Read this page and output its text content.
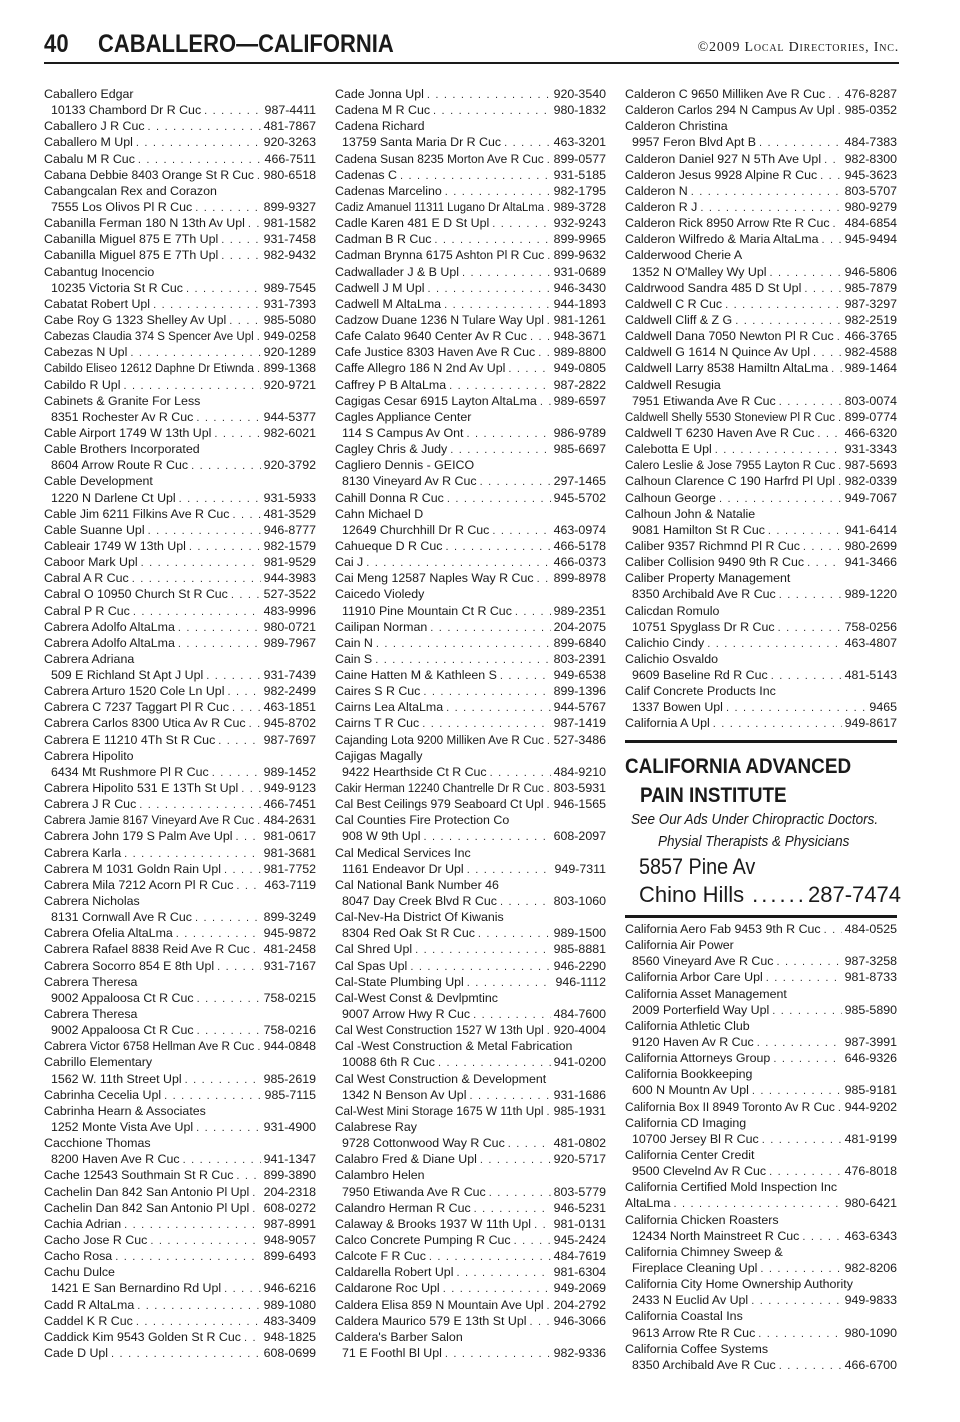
40 CABALLERO—CALIFORNIA	©2009 Local Directories, Inc.
Caballero Edgar
10133 Chambord Dr R Cuc . . .	987-4411
Caballero J R Cuc . . .	481-7867
Caballero M Upl . . .	920-3263
Cabalu M R Cuc . . .	466-7511
Cabana Debbie 8403 Orange St R Cuc . . . 980-6518
Cabangcalan Rex and Corazon
7555 Los Olivos Pl R Cuc . . .	899-9327
Cabanilla Ferman 180 N 13th Av Upl . . . 981-1582
Cabanilla Miguel 875 E 7Th Upl . . .	931-7458
Cabanilla Miguel 875 E 7Th Upl . . .	982-9432
Cabantug Inocencio
10235 Victoria St R Cuc . . .	989-7545
Cabatat Robert Upl . . .	931-7393
Cabe Roy G 1323 Shelley Av Upl . . .	985-5080
Cabezas Claudia 374 S Spencer Ave Upl . . . 949-0258
Cabezas N Upl . . .	920-1289
Cabildo Eliseo 12612 Daphne Dr Etiwnda . . . 899-1368
Cabildo R Upl . . .	920-9721
Cabinets & Granite For Less
8351 Rochester Av R Cuc . . .	944-5377
Cable Airport 1749 W 13th Upl . . .	982-6021
Cable Brothers Incorporated
8604 Arrow Route R Cuc . . .	920-3792
Cable Development
1220 N Darlene Ct Upl . . .	931-5933
Cable Jim 6211 Filkins Ave R Cuc . . .	481-3529
Cable Suanne Upl . . .	946-8777
Cableair 1749 W 13th Upl . . .	982-1579
Caboor Mark Upl . . .	981-9529
Cabral A R Cuc . . .	944-3983
Cabral O 10950 Church St R Cuc . . .	527-3522
Cabral P R Cuc . . .	483-9996
Cabrera Adolfo AltaLma . . .	980-0721
Cabrera Adolfo AltaLma . . .	989-7967
Cabrera Adriana
509 E Richland St Apt J Upl . . .	931-7439
Cabrera Arturo 1520 Cole Ln Upl . . .	982-2499
Cabrera C 7237 Taggart Pl R Cuc . . .	463-1851
Cabrera Carlos 8300 Utica Av R Cuc . . . 945-8702
Cabrera E 11210 4Th St R Cuc . . .	987-7697
Cabrera Hipolito
6434 Mt Rushmore Pl R Cuc . . .	989-1452
Cabrera Hipolito 531 E 13Th St Upl . . . 949-9123
Cabrera J R Cuc . . .	466-7451
Cabrera Jamie 8167 Vineyard Ave R Cuc . . . 484-2631
Cabrera John 179 S Palm Ave Upl . . .	981-0617
Cabrera Karla . . .	981-3681
Cabrera M 1031 Goldn Rain Upl . . .	981-7752
Cabrera Mila 7212 Acorn Pl R Cuc . . .	463-7119
Cabrera Nicholas
8131 Cornwall Ave R Cuc . . .	899-3249
Cabrera Ofelia AltaLma . . .	945-9872
Cabrera Rafael 8838 Reid Ave R Cuc . . . 481-2458
Cabrera Socorro 854 E 8th Upl . . .	931-7167
Cabrera Theresa
9002 Appaloosa Ct R Cuc . . .	758-0215
Cabrera Theresa
9002 Appaloosa Ct R Cuc . . .	758-0216
Cabrera Victor 6758 Hellman Ave R Cuc . . . 944-0848
Cabrillo Elementary
1562 W. 11th Street Upl . . .	985-2619
Cabrinha Cecelia Upl . . .	985-7115
Cabrinha Hearn & Associates
1252 Monte Vista Ave Upl . . .	931-4900
Cacchione Thomas
8200 Haven Ave R Cuc . . .	941-1347
Cache 12543 Southmain St R Cuc . . . 899-3890
Cachelin Dan 842 San Antonio Pl Upl . . . 204-2318
Cachelin Dan 842 San Antonio Pl Upl . . . 608-0272
Cachia Adrian . . .	987-8991
Cacho Jose R Cuc . . .	948-9057
Cacho Rosa . . .	899-6493
Cachu Dulce
1421 E San Bernardino Rd Upl . . .	946-6216
Cadd R AltaLma . . .	989-1080
Caddel K R Cuc . . .	483-3409
Caddick Kim 9543 Golden St R Cuc . . . 948-1825
Cade D Upl . . .	608-0699
Cade Jonna Upl . . .	920-3540
Cadena M R Cuc . . .	980-1832
Cadena Richard
13759 Santa Maria Dr R Cuc . . .	463-3201
Cadena Susan 8235 Morton Ave R Cuc . . . 899-0577
Cadenas C . . .	931-5185
Cadenas Marcelino . . .	982-1795
Cadiz Amanuel 11311 Lugano Dr AltaLma . . . 989-3728
Cadle Karen 481 E D St Upl . . .	932-9243
Cadman B R Cuc . . .	899-9965
Cadman Brynna 6175 Ashton Pl R Cuc . . . 899-9632
Cadwallader J & B Upl . . .	931-0689
Cadwell J M Upl . . .	946-3430
Cadwell M AltaLma . . .	944-1893
Cadzow Duane 1236 N Tulare Way Upl . . . 981-1261
Cafe Calato 9640 Center Av R Cuc . . . 948-3671
Cafe Justice 8303 Haven Ave R Cuc . . . 989-8800
Caffe Allegro 186 N 2nd Av Upl . . .	949-0805
Caffrey P B AltaLma . . .	987-2822
Cagigas Cesar 6915 Layton AltaLma . . . 989-6597
Cagles Appliance Center
114 S Campus Av Ont . . .	986-9789
Cagley Chris & Judy . . .	985-6697
Cagliero Dennis - GEICO
8130 Vineyard Av R Cuc . . .	297-1465
Cahill Donna R Cuc . . .	945-5702
Cahn Michael D
12649 Churchhill Dr R Cuc . . .	463-0974
Cahueque D R Cuc . . .	466-5178
Cai J . . .	466-0373
Cai Meng 12587 Naples Way R Cuc . . . 899-8978
Caicedo Violedy
11910 Pine Mountain Ct R Cuc . . .	989-2351
Cailipan Norman . . .	204-2075
Cain N . . .	899-6840
Cain S . . .	803-2391
Caine Hatten M & Kathleen S . . .	949-6538
Caires S R Cuc . . .	899-1396
Cairns Lea AltaLma . . .	944-5767
Cairns T R Cuc . . .	987-1419
Cajanding Lota 9200 Milliken Ave R Cuc . . . 527-3486
Cajigas Magally
9422 Hearthside Ct R Cuc . . .	484-9210
Cakir Herman 12240 Chantrelle Dr R Cuc . . . 803-5931
Cal Best Ceilings 979 Seaboard Ct Upl . . . 946-1565
Cal Counties Fire Protection Co
908 W 9th Upl . . .	608-2097
Cal Medical Services Inc
1161 Endeavor Dr Upl . . .	949-7311
Cal National Bank Number 46
8047 Day Creek Blvd R Cuc . . .	803-1060
Cal-Nev-Ha District Of Kiwanis
8304 Red Oak St R Cuc . . .	989-1500
Cal Shred Upl . . .	985-8881
Cal Spas Upl . . .	946-2290
Cal-State Plumbing Upl . . .	946-1112
Cal-West Const & Devlpmtinc
9007 Arrow Hwy R Cuc . . .	484-7600
Cal West Construction 1527 W 13th Upl . . . 920-4004
Cal -West Construction & Metal Fabrication
10088 6th R Cuc . . .	941-0200
Cal West Construction & Development
1342 N Benson Av Upl . . .	931-1686
Cal-West Mini Storage 1675 W 11th Upl . . . 985-1931
Calabrese Ray
9728 Cottonwood Way R Cuc . . .	481-0802
Calabro Fred & Diane Upl . . .	920-5717
Calambro Helen
7950 Etiwanda Ave R Cuc . . .	803-5779
Calandro Herman R Cuc . . .	946-5231
Calaway & Brooks 1937 W 11th Upl . . . 981-0131
Calco Concrete Pumping R Cuc . . .	945-2424
Calcote F R Cuc . . .	484-7619
Caldarella Robert Upl . . .	981-6304
Caldarone Roc Upl . . .	949-2069
Caldera Elisa 859 N Mountain Ave Upl . . . 204-2792
Caldera Maurico 579 E 13th St Upl . . . 946-3066
Caldera's Barber Salon
71 E Foothl Bl Upl . . .	982-9336
Calderon C 9650 Milliken Ave R Cuc . . . 476-8287
Calderon Carlos 294 N Campus Av Upl . . . 985-0352
Calderon Christina
9957 Feron Blvd Apt B . . .	484-7383
Calderon Daniel 927 N 5Th Ave Upl . . . 982-8300
Calderon Jesus 9928 Alpine R Cuc . . . 945-3623
Calderon N . . .	803-5707
Calderon R J . . .	980-9279
Calderon Rick 8950 Arrow Rte R Cuc . . . 484-6854
Calderon Wilfredo & Maria AltaLma . . . 945-9494
Calderwood Cherie A
1352 N O'Malley Wy Upl . . .	946-5806
Caldrwood Sandra 485 D St Upl . . .	985-7879
Caldwell C R Cuc . . .	987-3297
Caldwell Cliff & Z G . . .	982-2519
Caldwell Dana 7050 Newton Pl R Cuc . . . 466-3765
Caldwell G 1614 N Quince Av Upl . . .	982-4588
Caldwell Larry 8538 Hamiltn AltaLma . . . 989-1464
Caldwell Resugia
7951 Etiwanda Ave R Cuc . . .	803-0074
Caldwell Shelly 5530 Stoneview Pl R Cuc . . . 899-0774
Caldwell T 6230 Haven Ave R Cuc . . . 466-6320
Calebotta E Upl . . .	931-3343
Calero Leslie & Jose 7955 Layton R Cuc . . . 987-5693
Calhoun Clarence C 190 Harfrd Pl Upl . . . 982-0339
Calhoun George . . .	949-7067
Calhoun John & Natalie
9081 Hamilton St R Cuc . . .	941-6414
Caliber 9357 Richmnd Pl R Cuc . . .	980-2699
Caliber Collision 9490 9th R Cuc . . .	941-3466
Caliber Property Management
8350 Archibald Ave R Cuc . . .	989-1220
Calicdan Romulo
10751 Spyglass Dr R Cuc . . .	758-0256
Calichio Cindy . . .	463-4807
Calichio Osvaldo
9609 Baseline Rd R Cuc . . .	481-5143
Calif Concrete Products Inc
1337 Bowen Upl . . .	9465
California A Upl . . .	949-8617
CALIFORNIA ADVANCED
PAIN INSTITUTE
See Our Ads Under Chiropractic Doctors.
Physial Therapists & Physicians
5857 Pine Av
Chino Hills ...... 287-7474
California Aero Fab 9453 9th R Cuc . . . 484-0525
California Air Power
8560 Vineyard Ave R Cuc . . .	987-3258
California Arbor Care Upl . . .	981-8733
California Asset Management
2009 Porterfield Way Upl . . .	985-5890
California Athletic Club
9120 Haven Av R Cuc . . .	987-3991
California Attorneys Group . . .	646-9326
California Bookkeeping
600 N Mountn Av Upl . . .	985-9181
California Box II 8949 Toronto Av R Cuc . . . 944-9202
California CD Imaging
10700 Jersey Bl R Cuc . . .	481-9199
California Center Credit
9500 Clevelnd Av R Cuc . . .	476-8018
California Certified Mold Inspection Inc
AltaLma . . .	980-6421
California Chicken Roasters
12434 North Mainstreet R Cuc . . .	463-6343
California Chimney Sweep &
Fireplace Cleaning Upl . . .	982-8206
California City Home Ownership Authority
2433 N Euclid Av Upl . . .	949-9833
California Coastal Ins
9613 Arrow Rte R Cuc . . .	980-1090
California Coffee Systems
8350 Archibald Ave R Cuc . . .	466-6700
